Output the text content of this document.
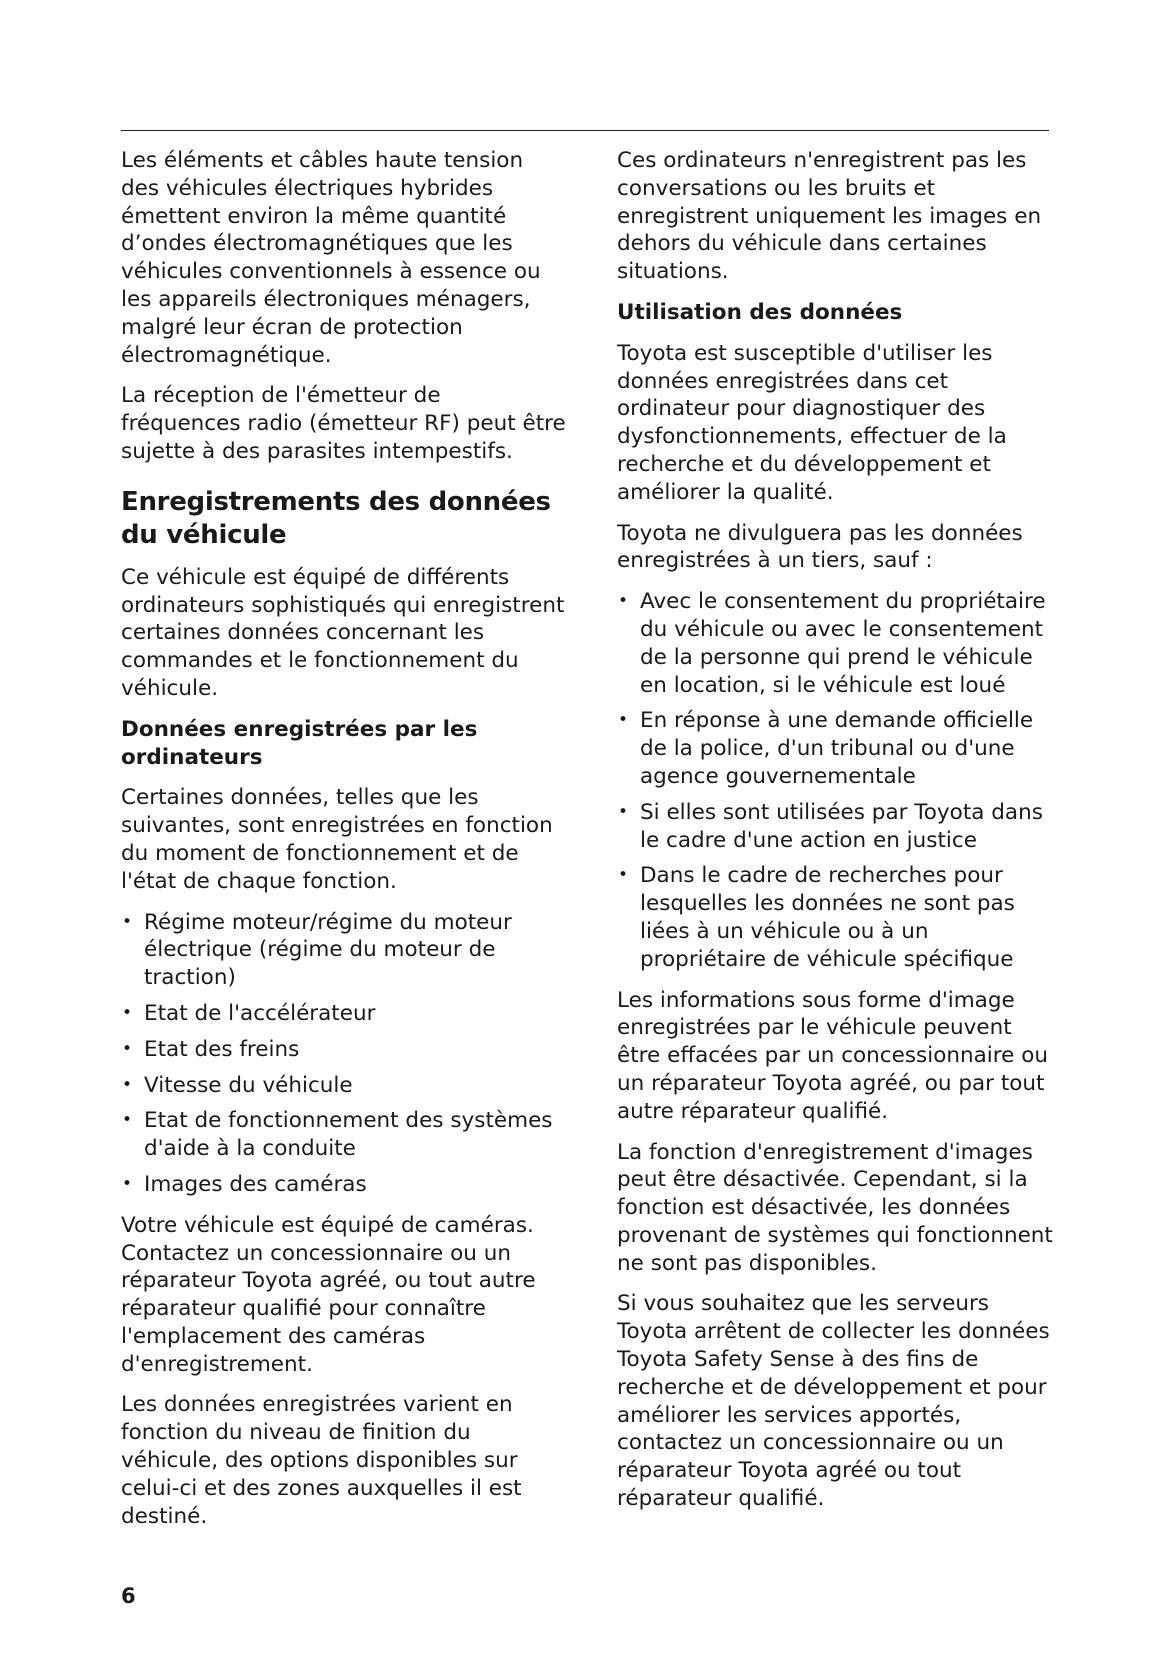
Les éléments et câbles haute tension des véhicules électriques hybrides émettent environ la même quantité d’ondes électromagnétiques que les véhicules conventionnels à essence ou les appareils électroniques ménagers, malgré leur écran de protection électromagnétique.

La réception de l'émetteur de fréquences radio (émetteur RF) peut être sujette à des parasites intempestifs.

Enregistrements des données du véhicule

Ce véhicule est équipé de différents ordinateurs sophistiqués qui enregistrent certaines données concernant les commandes et le fonctionnement du véhicule.

Données enregistrées par les ordinateurs

Certaines données, telles que les suivantes, sont enregistrées en fonction du moment de fonctionnement et de l'état de chaque fonction.

• Régime moteur/régime du moteur électrique (régime du moteur de traction)
• Etat de l'accélérateur
• Etat des freins
• Vitesse du véhicule
• Etat de fonctionnement des systèmes d'aide à la conduite
• Images des caméras

Votre véhicule est équipé de caméras. Contactez un concessionnaire ou un réparateur Toyota agréé, ou tout autre réparateur qualifié pour connaître l'emplacement des caméras d'enregistrement.

Les données enregistrées varient en fonction du niveau de finition du véhicule, des options disponibles sur celui-ci et des zones auxquelles il est destiné.

Ces ordinateurs n'enregistrent pas les conversations ou les bruits et enregistrent uniquement les images en dehors du véhicule dans certaines situations.

Utilisation des données

Toyota est susceptible d'utiliser les données enregistrées dans cet ordinateur pour diagnostiquer des dysfonctionnements, effectuer de la recherche et du développement et améliorer la qualité.

Toyota ne divulguera pas les données enregistrées à un tiers, sauf :

• Avec le consentement du propriétaire du véhicule ou avec le consentement de la personne qui prend le véhicule en location, si le véhicule est loué
• En réponse à une demande officielle de la police, d'un tribunal ou d'une agence gouvernementale
• Si elles sont utilisées par Toyota dans le cadre d'une action en justice
• Dans le cadre de recherches pour lesquelles les données ne sont pas liées à un véhicule ou à un propriétaire de véhicule spécifique

Les informations sous forme d'image enregistrées par le véhicule peuvent être effacées par un concessionnaire ou un réparateur Toyota agréé, ou par tout autre réparateur qualifié.

La fonction d'enregistrement d'images peut être désactivée. Cependant, si la fonction est désactivée, les données provenant de systèmes qui fonctionnent ne sont pas disponibles.

Si vous souhaitez que les serveurs Toyota arrêtent de collecter les données Toyota Safety Sense à des fins de recherche et de développement et pour améliorer les services apportés, contactez un concessionnaire ou un réparateur Toyota agréé ou tout réparateur qualifié.

6
